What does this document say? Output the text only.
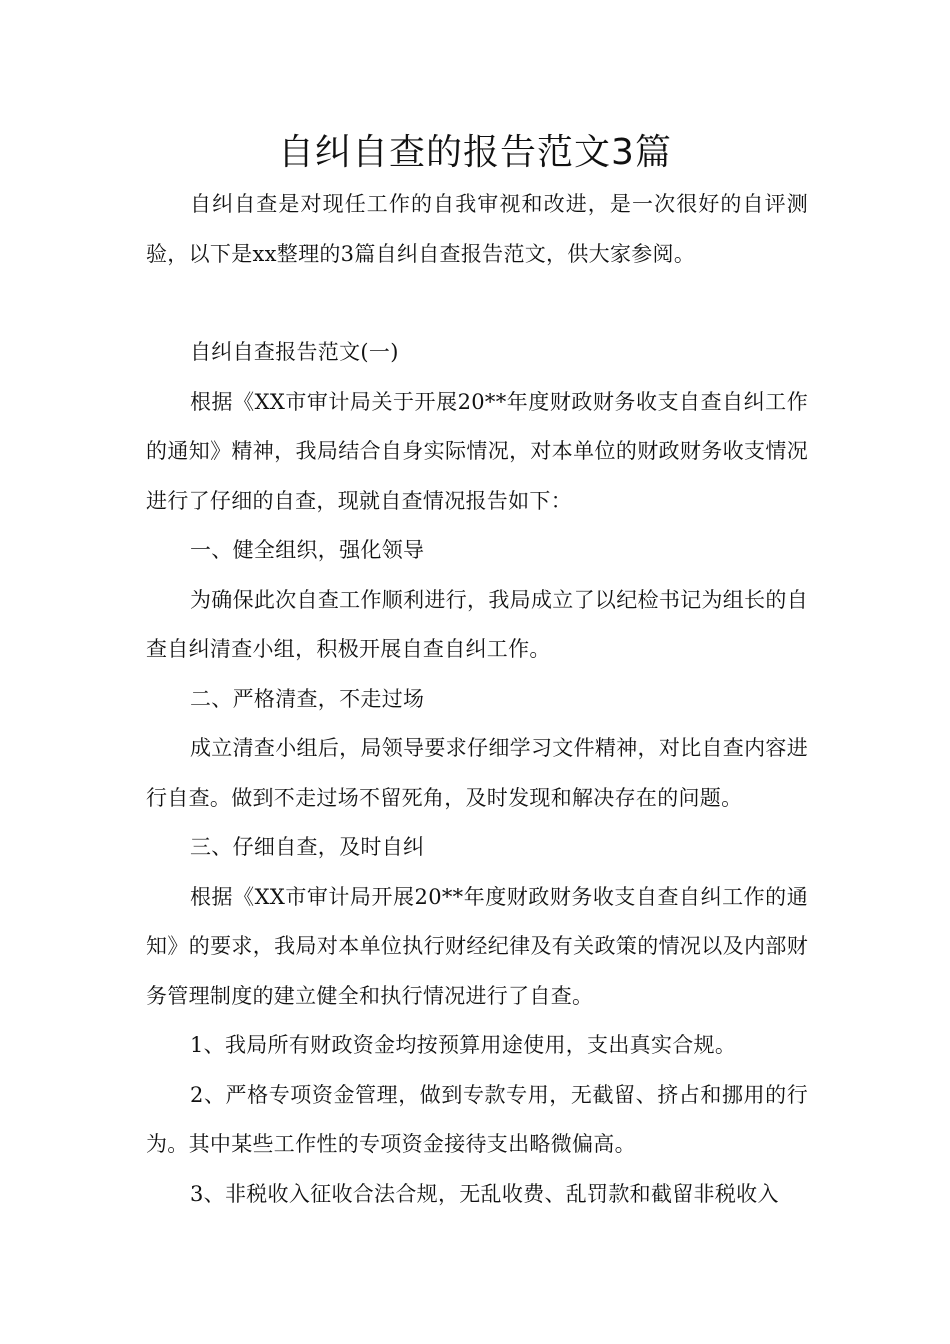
自纠自查的报告范文3篇

自纠自查是对现任工作的自我审视和改进，是一次很好的自评测验，以下是xx整理的3篇自纠自查报告范文，供大家参阅。

自纠自查报告范文(一)

根据《XX市审计局关于开展20**年度财政财务收支自查自纠工作的通知》精神，我局结合自身实际情况，对本单位的财政财务收支情况进行了仔细的自查，现就自查情况报告如下：

一、健全组织，强化领导

为确保此次自查工作顺利进行，我局成立了以纪检书记为组长的自查自纠清查小组，积极开展自查自纠工作。

二、严格清查，不走过场

成立清查小组后，局领导要求仔细学习文件精神，对比自查内容进行自查。做到不走过场不留死角，及时发现和解决存在的问题。

三、仔细自查，及时自纠

根据《XX市审计局开展20**年度财政财务收支自查自纠工作的通知》的要求，我局对本单位执行财经纪律及有关政策的情况以及内部财务管理制度的建立健全和执行情况进行了自查。

1、我局所有财政资金均按预算用途使用，支出真实合规。

2、严格专项资金管理，做到专款专用，无截留、挤占和挪用的行为。其中某些工作性的专项资金接待支出略微偏高。

3、非税收入征收合法合规，无乱收费、乱罚款和截留非税收入
